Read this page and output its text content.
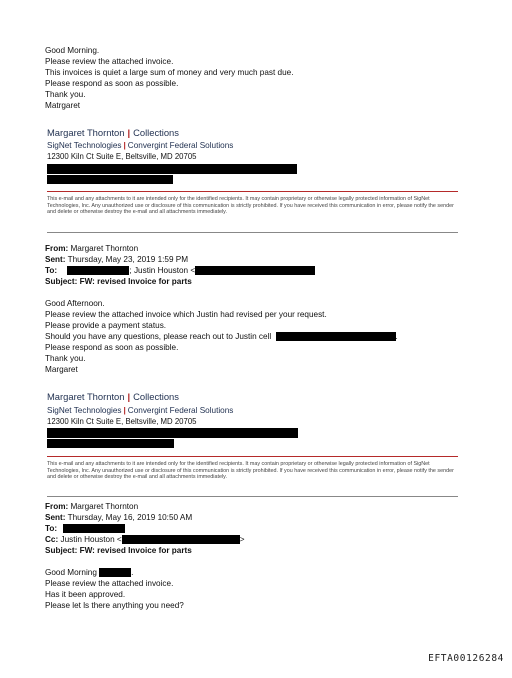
Good Morning.
Please review the attached invoice.
This invoices is quiet a large sum of money and very much past due.
Please respond as soon as possible.
Thank you.
Matrgaret
Margaret Thornton | Collections
SigNet Technologies | Convergint Federal Solutions
12300 Kiln Ct Suite E, Beltsville, MD 20705
This e-mail and any attachments to it are intended only for the identified recipients. It may contain proprietary or otherwise legally protected information of SigNet Technologies, Inc. Any unauthorized use or disclosure of this communication is strictly prohibited. If you have received this communication in error, please notify the sender and delete or otherwise destroy the e-mail and all attachments immediately.
From: Margaret Thornton
Sent: Thursday, May 23, 2019 1:59 PM
To:	; Justin Houston <
Subject: FW: revised Invoice for parts
Good Afternoon.
Please review the attached invoice which Justin had revised per your request.
Please provide a payment status.
Should you have any questions, please reach out to Justin cell	.
Please respond as soon as possible.
Thank you.
Margaret
Margaret Thornton | Collections
SigNet Technologies | Convergint Federal Solutions
12300 Kiln Ct Suite E, Beltsville, MD 20705
This e-mail and any attachments to it are intended only for the identified recipients. It may contain proprietary or otherwise legally protected information of SigNet Technologies, Inc. Any unauthorized use or disclosure of this communication is strictly prohibited. If you have received this communication in error, please notify the sender and delete or otherwise destroy the e-mail and all attachments immediately.
From: Margaret Thornton
Sent: Thursday, May 16, 2019 10:50 AM
To:
Cc: Justin Houston <	>
Subject: FW: revised Invoice for parts
Good Morning	.
Please review the attached invoice.
Has it been approved.
Please let ls there anything you need?
EFTA00126284
